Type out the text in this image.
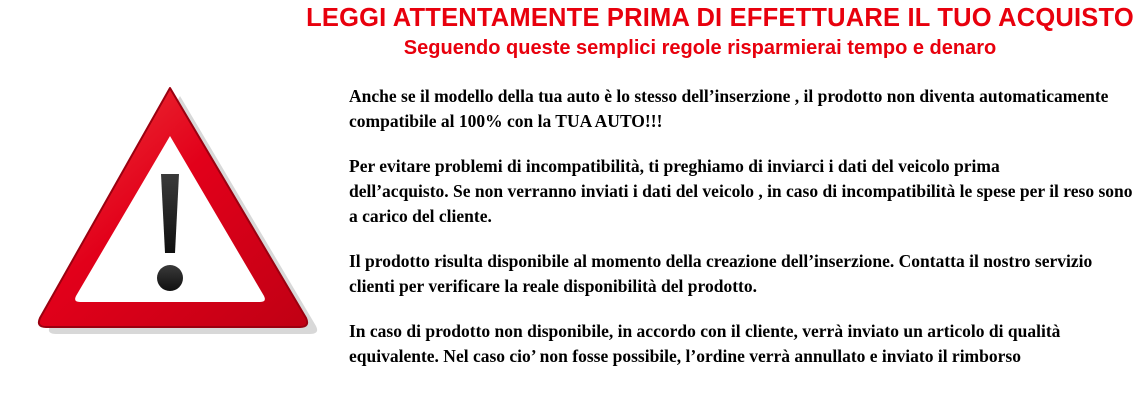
LEGGI ATTENTAMENTE PRIMA DI EFFETTUARE IL TUO ACQUISTO
Seguendo queste semplici regole risparmierai tempo e denaro

Anche se il modello della tua auto è lo stesso dell’inserzione , il prodotto non diventa automaticamente compatibile al 100% con la TUA AUTO!!!

Per evitare problemi di incompatibilità, ti preghiamo di inviarci i dati del veicolo primadell’acquisto. Se non verranno inviati i dati del veicolo , in caso di incompatibilità le spese per il reso sono a carico del cliente.

Il prodotto risulta disponibile al momento della creazione dell’inserzione. Contatta il nostro servizio clienti per verificare la reale disponibilità del prodotto.

In caso di prodotto non disponibile, in accordo con il cliente, verrà inviato un articolo di qualità equivalente. Nel caso cio’ non fosse possibile, l’ordine verrà annullato e inviato il rimborso
